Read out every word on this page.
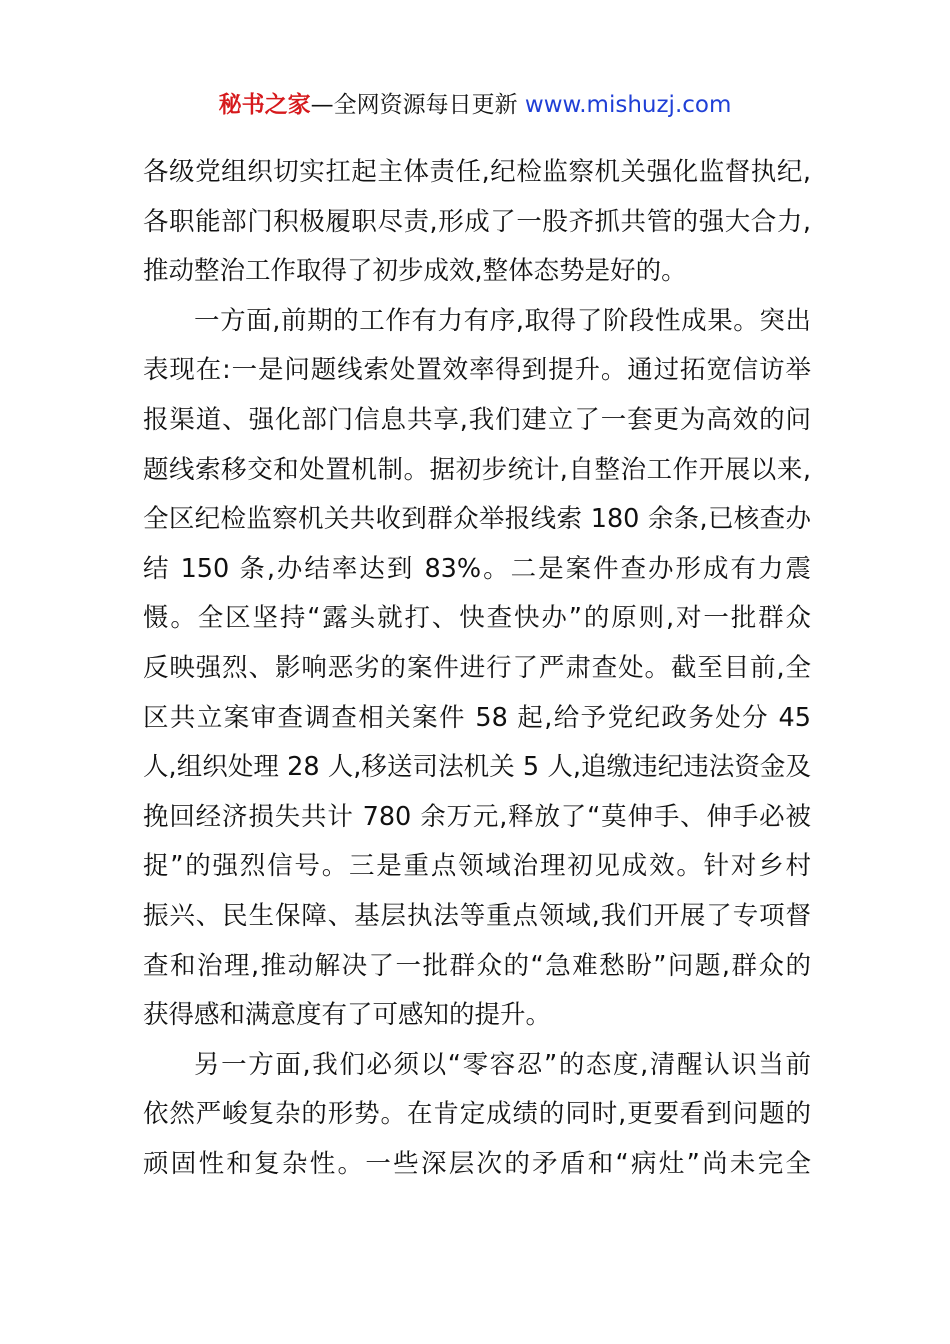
秘书之家—全网资源每日更新 www.mishuzj.com
各级党组织切实扛起主体责任,纪检监察机关强化监督执纪,
各职能部门积极履职尽责,形成了一股齐抓共管的强大合力,
推动整治工作取得了初步成效,整体态势是好的。
一方面,前期的工作有力有序,取得了阶段性成果。突出
表现在:一是问题线索处置效率得到提升。通过拓宽信访举
报渠道、强化部门信息共享,我们建立了一套更为高效的问
题线索移交和处置机制。据初步统计,自整治工作开展以来,
全区纪检监察机关共收到群众举报线索 180 余条,已核查办
结 150 条,办结率达到 83%。二是案件查办形成有力震
慑。全区坚持“露头就打、快查快办”的原则,对一批群众
反映强烈、影响恶劣的案件进行了严肃查处。截至目前,全
区共立案审查调查相关案件 58 起,给予党纪政务处分 45
人,组织处理 28 人,移送司法机关 5 人,追缴违纪违法资金及
挽回经济损失共计 780 余万元,释放了“莫伸手、伸手必被
捉”的强烈信号。三是重点领域治理初见成效。针对乡村
振兴、民生保障、基层执法等重点领域,我们开展了专项督
查和治理,推动解决了一批群众的“急难愁盼”问题,群众的
获得感和满意度有了可感知的提升。
另一方面,我们必须以“零容忍”的态度,清醒认识当前
依然严峻复杂的形势。在肯定成绩的同时,更要看到问题的
顽固性和复杂性。一些深层次的矛盾和“病灶”尚未完全
